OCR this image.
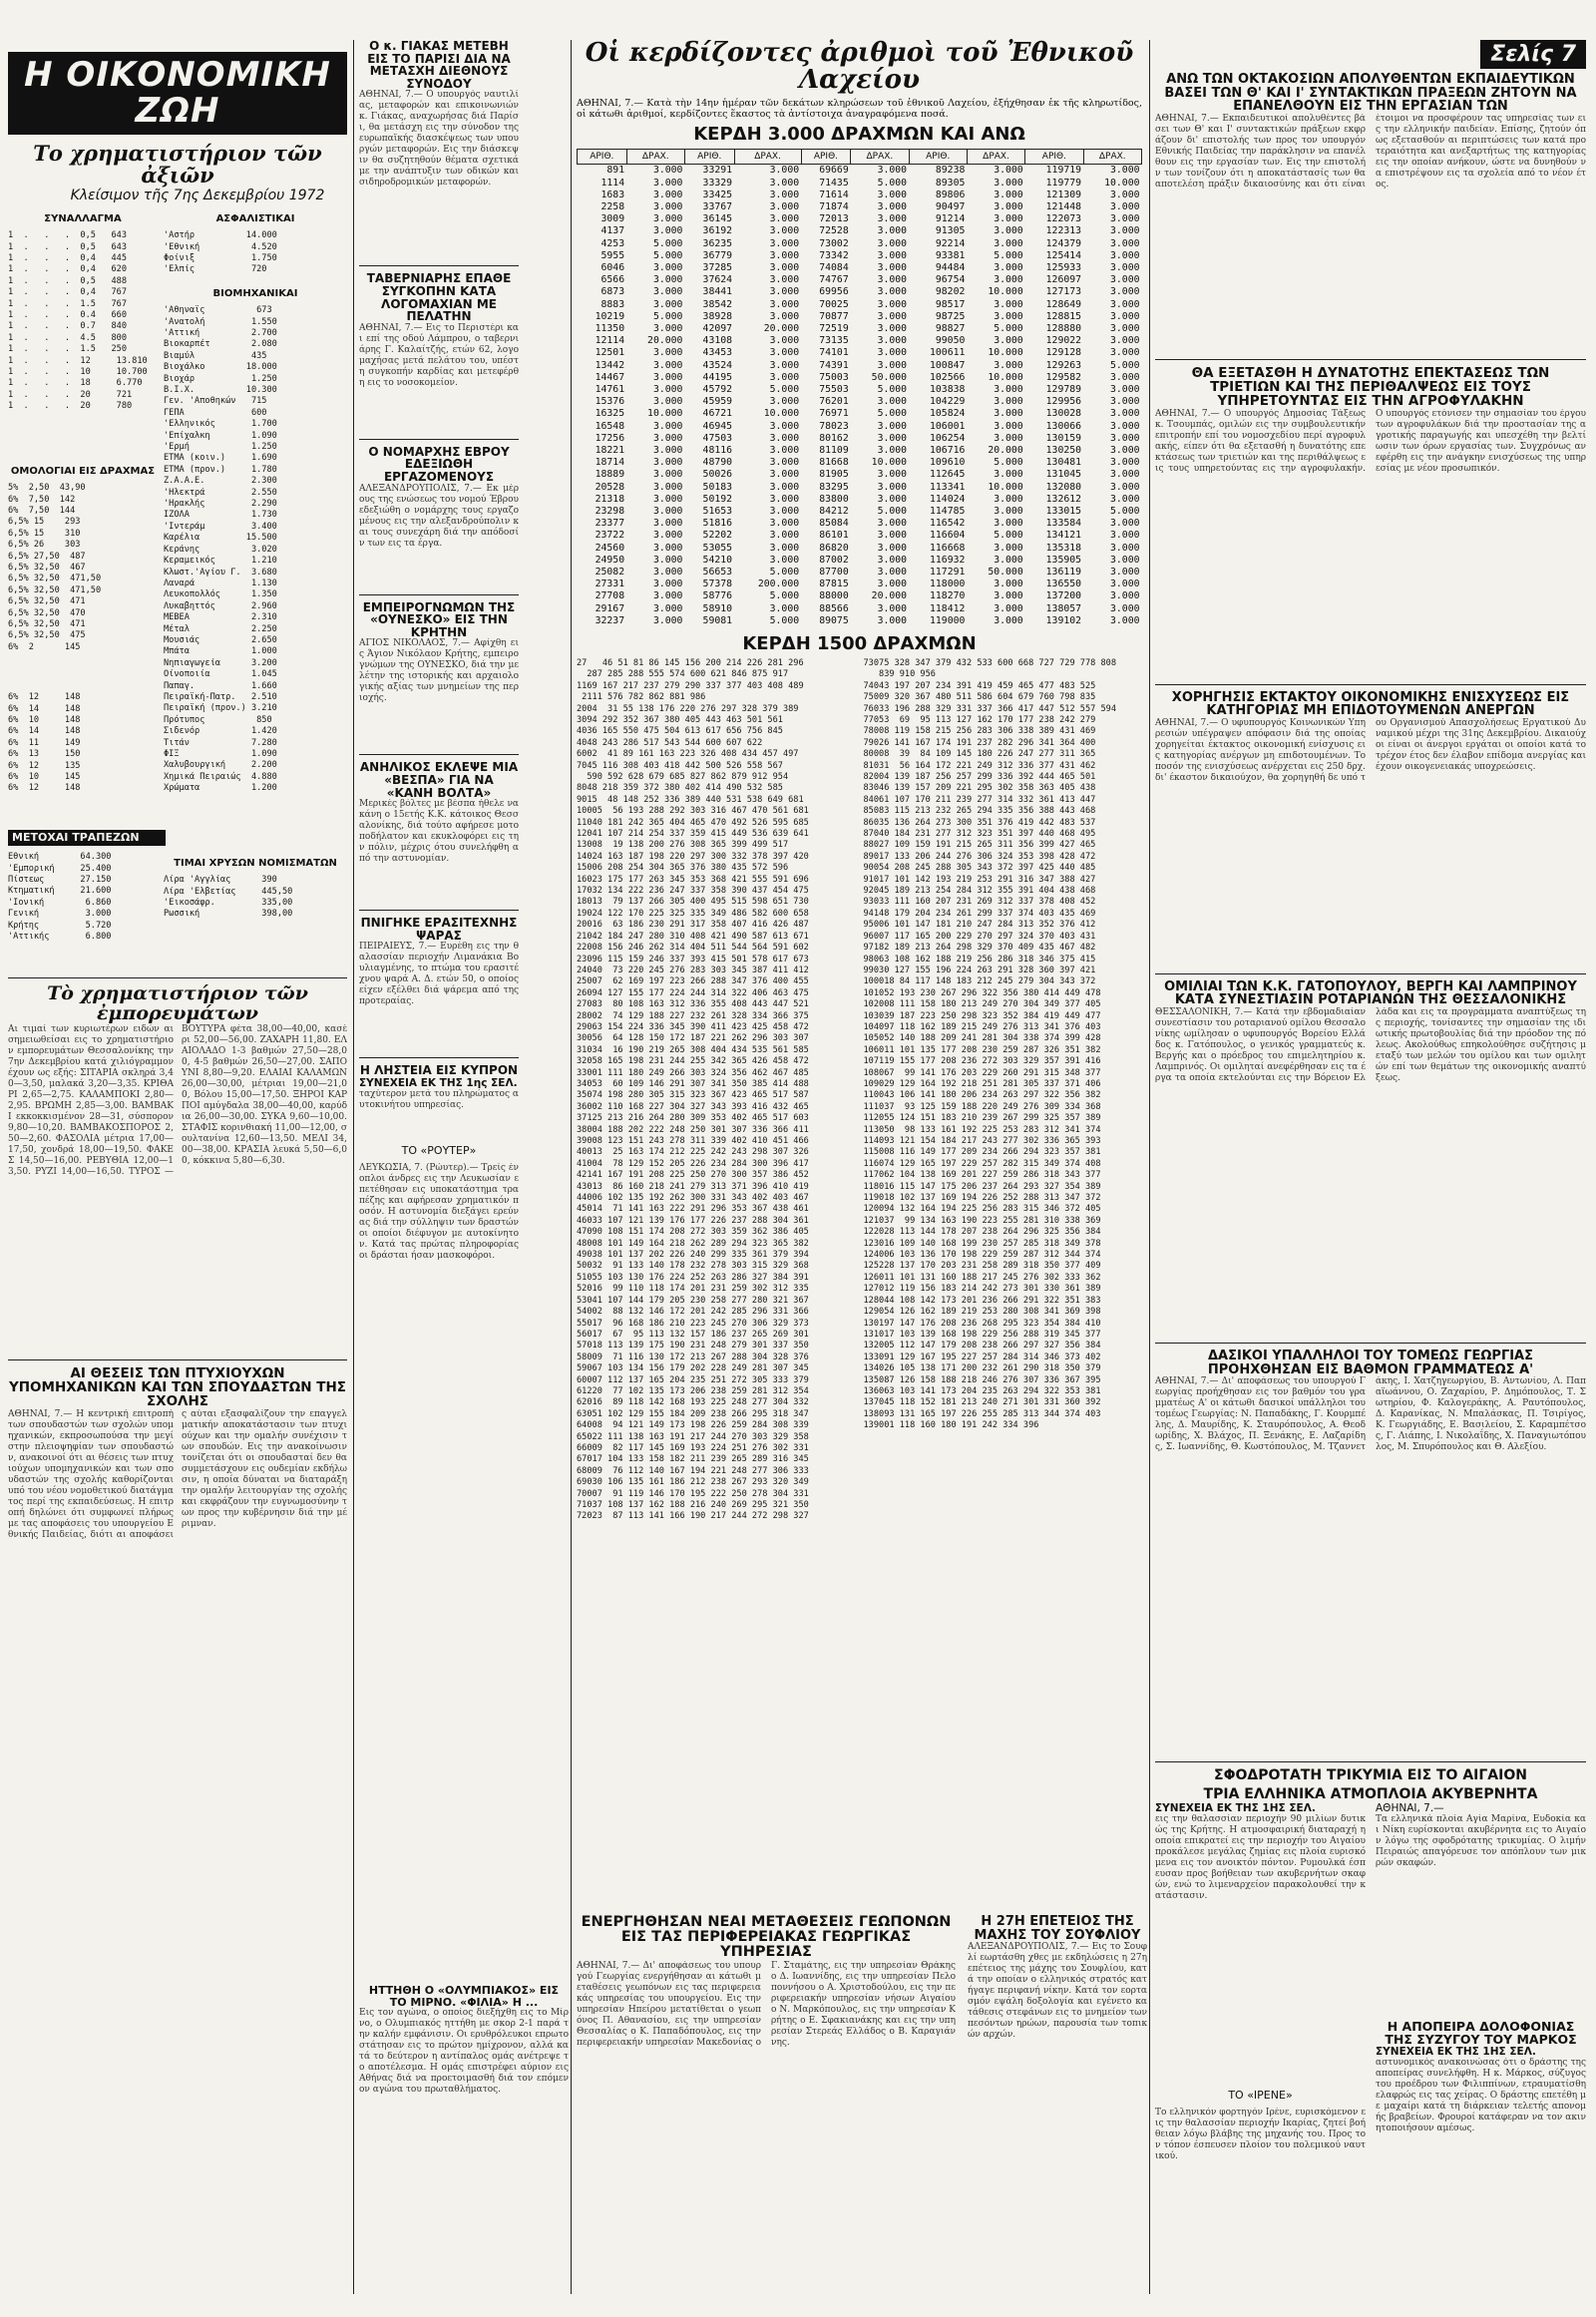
Η ΟΙΚΟΝΟΜΙΚΗ ΖΩΗ
Το χρηματιστήριον τῶν ἀξιῶν
Κλείσιμον τῆς 7ης Δεκεμβρίου 1972
ΣΥΝΑΛΛΑΓΜΑ
1  .   .   .  0,5   643
1  .   .   .  0,5   643
1  .   .   .  0,4   445
1  .   .   .  0,4   620
1  .   .   .  0,5   488
1  .   .   .  0,4   767
1  .   .   .  1.5   767
1  .   .   .  0.4   660
1  .   .   .  0.7   840
1  .   .   .  4.5   800
1  .   .   .  1.5   250
1  .   .   .  12     13.810
1  .   .   .  10     10.700
1  .   .   .  18     6.770
1  .   .   .  20     721
1  .   .   .  20     780
ΟΜΟΛΟΓΙΑΙ ΕΙΣ ΔΡΑΧΜΑΣ
5%  2,50  43,90
6%  7,50  142
6%  7,50  144
6,5% 15    293
6,5% 15    310
6,5% 26    303
6,5% 27,50  487
6,5% 32,50  467
6,5% 32,50  471,50
6,5% 32,50  471,50
6,5% 32,50  471
6,5% 32,50  470
6,5% 32,50  471
6,5% 32,50  475
6%  2      145
6%  12     148
6%  14     148
6%  10     148
6%  14     148
6%  11     149
6%  13     150
6%  12     135
6%  10     145
6%  12     148
ΑΣΦΑΛΙΣΤΙΚΑΙ
'Αστήρ          14.000
'Εθνική          4.520
Φοίνιξ           1.750
'Ελπίς           720
ΒΙΟΜΗΧΑΝΙΚΑΙ
'Αθηναΐς          673
'Ανατολή         1.550
'Αττική          2.700
Βιοκαρπέτ        2.080
Βιαμύλ           435
Βιοχάλκο        18.000
Βιοχάρ           1.250
Β.Ι.Χ.          10.300
Γεν. 'Αποθηκών   715
ΓΕΠΑ             600
'Ελληνικός       1.700
'Επίχαλκη        1.090
'Ερμή            1.250
ΕΤΜΑ (κοιν.)     1.690
ΕΤΜΑ (προν.)     1.780
Ζ.Α.Α.Ε.         2.300
'Ηλεκτρά         2.550
'Ηρακλής         2.290
ΙΖΟΛΑ            1.730
'Ιντεράμ         3.400
Καρέλια         15.500
Κεράνης          3.020
Κεραμεικός       1.210
Κλωστ.'Αγίου Γ.  3.680
Λαναρά           1.130
Λευκοπολλός      1.350
Λυκαβηττός       2.960
ΜΕΒΕΑ            2.310
Μέταλ            2.250
Μουσιάς          2.650
Μπάτα            1.000
Νηπιαγωγεία      3.200
Οίνοποιία        1.045
Παπαγ.           1.660
Πειραϊκή-Πατρ.   2.510
Πειραϊκή (προν.) 3.210
Πρότυπος          850
Σιδενόρ          1.420
Τιτάν            7.280
ΦΙΞ              1.090
Χαλυβουργική     2.200
Χημικά Πειραιώς  4.880
Χρώματα          1.200
ΜΕΤΟΧΑΙ ΤΡΑΠΕΖΩΝ
Εθνική        64.300
'Εμπορική     25.400
Πίστεως       27.150
Κτηματική     21.600
'Ιονική        6.860
Γενική         3.000
Κρήτης         5.720
'Αττικής       6.800
ΤΙΜΑΙ ΧΡΥΣΩΝ ΝΟΜΙΣΜΑΤΩΝ
Λίρα 'Αγγλίας      390
Λίρα 'Ελβετίας     445,50
'Εικοσάφρ.         335,00
Ρωσσική            398,00
Τὸ χρηματιστήριον τῶν ἐμπορευμάτων
Αι τιμαί των κυριωτέρων ειδών αι σημειωθείσαι εις το χρηματιστήριον εμπορευμάτων Θεσσαλονίκης την 7ην Δεκεμβρίου κατά χιλιόγραμμον έχουν ως εξής: ΣΙΤΑΡΙΑ σκληρά 3,40—3,50, μαλακά 3,20—3,35. ΚΡΙΘΑΡΙ 2,65—2,75. ΚΑΛΑΜΠΟΚΙ 2,80—2,95. ΒΡΩΜΗ 2,85—3,00. ΒΑΜΒΑΚΙ εκκοκκισμένον 28—31, σύσπορον 9,80—10,20. ΒΑΜΒΑΚΟΣΠΟΡΟΣ 2,50—2,60. ΦΑΣΟΛΙΑ μέτρια 17,00—17,50, χονδρά 18,00—19,50. ΦΑΚΕΣ 14,50—16,00. ΡΕΒΥΘΙΑ 12,00—13,50. ΡΥΖΙ 14,00—16,50. ΤΥΡΟΣ — ΒΟΥΤΥΡΑ φέτα 38,00—40,00, κασέρι 52,00—56,00. ΖΑΧΑΡΗ 11,80. ΕΛΑΙΟΛΑΔΟ 1-3 βαθμών 27,50—28,00, 4-5 βαθμών 26,50—27,00. ΣΑΠΟΥΝΙ 8,80—9,20. ΕΛΑΙΑΙ ΚΑΛΑΜΩΝ 26,00—30,00, μέτριαι 19,00—21,00, Βόλου 15,00—17,50. ΞΗΡΟΙ ΚΑΡΠΟΙ αμύγδαλα 38,00—40,00, καρύδια 26,00—30,00. ΣΥΚΑ 9,60—10,00. ΣΤΑΦΙΣ κορινθιακή 11,00—12,00, σουλτανίνα 12,60—13,50. ΜΕΛΙ 34,00—38,00. ΚΡΑΣΙΑ λευκά 5,50—6,00, κόκκινα 5,80—6,30.
ΑΙ ΘΕΣΕΙΣ ΤΩΝ ΠΤΥΧΙΟΥΧΩΝ ΥΠΟΜΗΧΑΝΙΚΩΝ ΚΑΙ ΤΩΝ ΣΠΟΥΔΑΣΤΩΝ ΤΗΣ ΣΧΟΛΗΣ
ΑΘΗΝΑΙ, 7.— Η κεντρική επιτροπή των σπουδαστών των σχολών υπομηχανικών, εκπροσωπούσα την μεγίστην πλειοψηφίαν των σπουδαστών, ανακοινοί ότι αι θέσεις των πτυχιούχων υπομηχανικών και των σπουδαστών της σχολής καθορίζονται υπό του νέου νομοθετικού διατάγματος περί της εκπαιδεύσεως. Η επιτροπή δηλώνει ότι συμφωνεί πλήρως με τας αποφάσεις του υπουργείου Εθνικής Παιδείας, διότι αι αποφάσεις αύται εξασφαλίζουν την επαγγελματικήν αποκατάστασιν των πτυχιούχων και την ομαλήν συνέχισιν των σπουδών. Εις την ανακοίνωσιν τονίζεται ότι οι σπουδασταί δεν θα συμμετάσχουν εις ουδεμίαν εκδήλωσιν, η οποία δύναται να διαταράξη την ομαλήν λειτουργίαν της σχολής και εκφράζουν την ευγνωμοσύνην των προς την κυβέρνησιν διά την μέριμναν.
Ο κ. ΓΙΑΚΑΣ ΜΕΤΕΒΗ ΕΙΣ ΤΟ ΠΑΡΙΣΙ ΔΙΑ ΝΑ ΜΕΤΑΣΧΗ ΔΙΕΘΝΟΥΣ ΣΥΝΟΔΟΥ
ΑΘΗΝΑΙ, 7.— Ο υπουργός ναυτιλίας, μεταφορών και επικοινωνιών κ. Γιάκας, αναχωρήσας διά Παρίσι, θα μετάσχη εις την σύνοδον της ευρωπαϊκής διασκέψεως των υπουργών μεταφορών. Εις την διάσκεψιν θα συζητηθούν θέματα σχετικά με την ανάπτυξιν των οδικών και σιδηροδρομικών μεταφορών.
ΤΑΒΕΡΝΙΑΡΗΣ ΕΠΑΘΕ ΣΥΓΚΟΠΗΝ ΚΑΤΑ ΛΟΓΟΜΑΧΙΑΝ ΜΕ ΠΕΛΑΤΗΝ
ΑΘΗΝΑΙ, 7.— Εις το Περιστέρι και επί της οδού Λάμπρου, ο ταβερνιάρης Γ. Καλαίτζής, ετών 62, λογομαχήσας μετά πελάτου του, υπέστη συγκοπήν καρδίας και μετεφέρθη εις το νοσοκομείον.
Ο ΝΟΜΑΡΧΗΣ ΕΒΡΟΥ ΕΔΕΞΙΩΘΗ ΕΡΓΑΖΟΜΕΝΟΥΣ
ΑΛΕΞΑΝΔΡΟΥΠΟΛΙΣ, 7.— Εκ μέρους της ενώσεως του νομού Έβρου εδεξιώθη ο νομάρχης τους εργαζομένους εις την αλεξανδρούπολιν και τους συνεχάρη διά την απόδοσίν των εις τα έργα.
ΕΜΠΕΙΡΟΓΝΩΜΩΝ ΤΗΣ «ΟΥΝΕΣΚΟ» ΕΙΣ ΤΗΝ ΚΡΗΤΗΝ
ΑΓΙΟΣ ΝΙΚΟΛΑΟΣ, 7.— Αφίχθη εις Άγιον Νικόλαον Κρήτης, εμπειρογνώμων της ΟΥΝΕΣΚΟ, διά την μελέτην της ιστορικής και αρχαιολογικής αξίας των μνημείων της περιοχής.
ΑΝΗΛΙΚΟΣ ΕΚΛΕΨΕ ΜΙΑ «ΒΕΣΠΑ» ΓΙΑ ΝΑ «ΚΑΝΗ ΒΟΛΤΑ»
Μερικές βόλτες με βέσπα ήθελε να κάνη ο 15ετής Κ.Κ. κάτοικος Θεσσαλονίκης, διά τούτο αφήρεσε μοτοποδήλατον και εκυκλοφόρει εις την πόλιν, μέχρις ότου συνελήφθη από την αστυνομίαν.
ΠΝΙΓΗΚΕ ΕΡΑΣΙΤΕΧΝΗΣ ΨΑΡΑΣ
ΠΕΙΡΑΙΕΥΣ, 7.— Ευρέθη εις την θαλασσίαν περιοχήν Λιμανάκια Βουλιαγμένης, το πτώμα του ερασιτέχνου ψαρά Α. Δ. ετών 50, ο οποίος είχεν εξέλθει διά ψάρεμα από της προτεραίας.
Η ΛΗΣΤΕΙΑ ΕΙΣ ΚΥΠΡΟΝ
ΣΥΝΕΧΕΙΑ ΕΚ ΤΗΣ 1ης ΣΕΛ.
ταχύτερον μετά του πληρώματος αυτοκινήτου υπηρεσίας.
ΤΟ «ΡΟΥΤΕΡ»
ΛΕΥΚΩΣΙΑ, 7. (Ρώυτερ).— Τρείς ένοπλοι άνδρες εις την Λευκωσίαν επετέθησαν εις υποκατάστημα τραπέζης και αφήρεσαν χρηματικόν ποσόν. Η αστυνομία διεξάγει ερεύνας διά την σύλληψιν των δραστών οι οποίοι διέφυγον με αυτοκίνητον. Κατά τας πρώτας πληροφορίας οι δράσται ήσαν μασκοφόροι.
Οἱ κερδίζοντες ἀριθμοὶ τοῦ Ἐθνικοῦ Λαχείου
ΑΘΗΝΑΙ, 7.— Κατὰ τὴν 14ην ἡμέραν τῶν δεκάτων κληρώσεων τοῦ ἐθνικοῦ Λαχείου, ἐξήχθησαν ἐκ τῆς κληρωτίδος, οἱ κάτωθι ἀριθμοί, κερδίζοντες ἕκαστος τὰ ἀντίστοιχα ἀναγραφόμενα ποσά.
ΚΕΡΔΗ 3.000 ΔΡΑΧΜΩΝ ΚΑΙ ΑΝΩ
ΑΡΙΘ.	ΔΡΑΧ.	ΑΡΙΘ.	ΔΡΑΧ.	ΑΡΙΘ.	ΔΡΑΧ.	ΑΡΙΘ.	ΔΡΑΧ.	ΑΡΙΘ.	ΔΡΑΧ.
891	3.000	33291	3.000	69669	3.000	89238	3.000	119719	3.000
1114	3.000	33329	3.000	71435	5.000	89305	3.000	119779	10.000
1683	3.000	33425	3.000	71614	3.000	89806	3.000	121309	3.000
2258	3.000	33767	3.000	71874	3.000	90497	3.000	121448	3.000
3009	3.000	36145	3.000	72013	3.000	91214	3.000	122073	3.000
4137	3.000	36192	3.000	72528	3.000	91305	3.000	122313	3.000
4253	5.000	36235	3.000	73002	3.000	92214	3.000	124379	3.000
5955	5.000	36779	3.000	73342	3.000	93381	5.000	125414	3.000
6046	3.000	37285	3.000	74084	3.000	94484	3.000	125933	3.000
6566	3.000	37624	3.000	74767	3.000	96754	3.000	126097	3.000
6873	3.000	38441	3.000	69956	3.000	98202	10.000	127173	3.000
8883	3.000	38542	3.000	70025	3.000	98517	3.000	128649	3.000
10219	5.000	38928	3.000	70877	3.000	98725	3.000	128815	3.000
11350	3.000	42097	20.000	72519	3.000	98827	5.000	128880	3.000
12114	20.000	43108	3.000	73135	3.000	99050	3.000	129022	3.000
12501	3.000	43453	3.000	74101	3.000	100611	10.000	129128	3.000
13442	3.000	43524	3.000	74391	3.000	100847	3.000	129263	5.000
14467	3.000	44195	3.000	75003	50.000	102566	10.000	129582	3.000
14761	3.000	45792	5.000	75503	5.000	103838	3.000	129789	3.000
15376	3.000	45959	3.000	76201	3.000	104229	3.000	129956	3.000
16325	10.000	46721	10.000	76971	5.000	105824	3.000	130028	3.000
16548	3.000	46945	3.000	78023	3.000	106001	3.000	130066	3.000
17256	3.000	47503	3.000	80162	3.000	106254	3.000	130159	3.000
18221	3.000	48116	3.000	81109	3.000	106716	20.000	130250	3.000
18714	3.000	48790	3.000	81668	10.000	109610	5.000	130481	3.000
18889	3.000	50026	3.000	81905	3.000	112645	3.000	131045	3.000
20528	3.000	50183	3.000	83295	3.000	113341	10.000	132080	3.000
21318	3.000	50192	3.000	83800	3.000	114024	3.000	132612	3.000
23298	3.000	51653	3.000	84212	5.000	114785	3.000	133015	5.000
23377	3.000	51816	3.000	85084	3.000	116542	3.000	133584	3.000
23722	3.000	52202	3.000	86101	3.000	116604	5.000	134121	3.000
24560	3.000	53055	3.000	86820	3.000	116668	3.000	135318	3.000
24950	3.000	54210	3.000	87002	3.000	116932	3.000	135905	3.000
25082	3.000	56653	5.000	87700	3.000	117291	50.000	136119	3.000
27331	3.000	57378	200.000	87815	3.000	118000	3.000	136550	3.000
27708	3.000	58776	5.000	88000	20.000	118270	3.000	137200	3.000
29167	3.000	58910	3.000	88566	3.000	118412	3.000	138057	3.000
32237	3.000	59081	5.000	89075	3.000	119000	3.000	139102	3.000
ΚΕΡΔΗ 1500 ΔΡΑΧΜΩΝ
27   46 51 81 86 145 156 200 214 226 281 296
287 285 288 555 574 600 621 846 875 917
1169 167 217 237 279 290 337 377 403 408 489
2111 576 782 862 881 986
2004  31 55 138 176 220 276 297 328 379 389
3094 292 352 367 380 405 443 463 501 561
4036 165 550 475 504 613 617 656 756 845
4048 243 286 517 543 544 600 607 622
6002  41 89 161 163 223 326 408 434 457 497
7045 116 308 403 418 442 500 526 558 567
590 592 628 679 685 827 862 879 912 954
8048 218 359 372 380 402 414 490 532 585
9015  48 148 252 336 389 440 531 538 649 681
10005  56 193 288 292 303 316 467 470 561 681
11040 181 242 365 404 465 470 492 526 595 685
12041 107 214 254 337 359 415 449 536 639 641
13008  19 138 200 276 308 365 399 499 517
14024 163 187 198 220 297 300 332 378 397 420
15006 208 254 304 365 376 380 435 572 596
16023 175 177 263 345 353 368 421 555 591 696
17032 134 222 236 247 337 358 390 437 454 475
18013  79 137 266 305 400 495 515 598 651 730
19024 122 170 225 325 335 349 486 582 600 658
20016  63 186 230 291 317 358 407 416 426 487
21042 184 247 280 310 408 421 490 587 613 671
22008 156 246 262 314 404 511 544 564 591 602
23096 115 159 246 337 393 415 501 578 617 673
24040  73 220 245 276 283 303 345 387 411 412
25007  62 169 197 223 266 288 347 376 400 455
26094 127 155 177 224 244 314 322 406 463 475
27083  80 108 163 312 336 355 408 443 447 521
28002  74 129 188 227 232 261 328 334 366 375
29063 154 224 336 345 390 411 423 425 458 472
30056  64 128 150 172 187 221 262 296 303 307
31034  16 190 219 265 308 404 434 535 561 585
32058 165 198 231 244 255 342 365 426 458 472
33001 111 180 249 266 303 324 356 462 467 485
34053  60 109 146 291 307 341 350 385 414 488
35074 198 280 305 315 323 367 423 465 517 587
36002 110 168 227 304 327 343 393 416 432 465
37125 213 216 264 280 309 353 402 465 517 603
38004 188 202 222 248 250 301 307 336 366 411
39008 123 151 243 278 311 339 402 410 451 466
40013  25 163 174 212 225 242 243 298 307 326
41004  78 129 152 205 226 234 284 300 396 417
42141 167 191 208 225 250 270 300 357 386 452
43013  86 160 218 241 279 313 371 396 410 419
44006 102 135 192 262 300 331 343 402 403 467
45014  71 141 163 222 291 296 353 367 438 461
46033 107 121 139 176 177 226 237 288 304 361
47090 108 151 174 208 272 303 359 362 386 405
48008 101 149 164 218 262 289 294 323 365 382
49038 101 137 202 226 240 299 335 361 379 394
50032  91 133 140 178 232 278 303 315 329 368
51055 103 130 176 224 252 263 286 327 384 391
52016  99 110 118 174 201 231 259 302 312 335
53041 107 144 179 205 230 258 277 280 321 367
54002  88 132 146 172 201 242 285 296 331 366
55017  96 168 186 210 223 245 270 306 329 373
56017  67  95 113 132 157 186 237 265 269 301
57018 113 139 175 190 231 248 279 301 337 350
58009  71 116 130 172 213 267 288 304 328 376
59067 103 134 156 179 202 228 249 281 307 345
60007 112 137 165 204 235 251 272 305 333 379
61220  77 102 135 173 206 238 259 281 312 354
62016  89 118 142 168 193 225 248 277 304 332
63051 102 129 155 184 209 238 266 295 318 347
64008  94 121 149 173 198 226 259 284 308 339
65022 111 138 163 191 217 244 270 303 329 358
66009  82 117 145 169 193 224 251 276 302 331
67017 104 133 158 182 211 239 265 289 316 345
68009  76 112 140 167 194 221 248 277 306 333
69030 106 135 161 186 212 238 267 293 320 349
70007  91 119 146 170 195 222 250 278 304 331
71037 108 137 162 188 216 240 269 295 321 350
72023  87 113 141 166 190 217 244 272 298 327
73075 328 347 379 432 533 600 668 727 729 778 808
839 910 956
74043 197 207 234 391 419 459 465 477 483 525
75009 320 367 480 511 586 604 679 760 798 835
76033 196 288 329 331 337 366 417 447 512 557 594
77053  69  95 113 127 162 170 177 238 242 279
78008 119 158 215 256 283 306 338 389 431 469
79026 141 167 174 191 237 282 296 341 364 400
80008  39  84 109 145 180 226 247 277 311 365
81031  56 164 172 221 249 312 336 377 431 462
82004 139 187 256 257 299 336 392 444 465 501
83046 139 157 209 221 295 302 358 363 405 438
84061 107 170 211 239 277 314 332 361 413 447
85083 115 213 232 265 294 335 356 388 443 468
86035 136 264 273 300 351 376 419 442 483 537
87040 184 231 277 312 323 351 397 440 468 495
88027 109 159 191 215 265 311 356 399 427 465
89017 133 206 244 276 306 324 353 398 428 472
90054 208 245 288 305 343 372 397 425 440 485
91017 101 142 193 219 253 291 316 347 388 427
92045 189 213 254 284 312 355 391 404 438 468
93033 111 160 207 231 269 312 337 378 408 452
94148 179 204 234 261 299 337 374 403 435 469
95006 101 147 181 210 247 284 313 352 376 412
96007 117 165 200 229 270 297 324 370 403 431
97182 189 213 264 298 329 370 409 435 467 482
98063 108 162 188 219 256 286 318 346 375 415
99030 127 155 196 224 263 291 328 360 397 421
100018 84 117 148 183 212 245 279 304 343 372
101052 193 230 267 296 322 356 380 414 449 478
102008 111 158 180 213 249 270 304 349 377 405
103039 187 223 250 298 323 352 384 419 449 477
104097 118 162 189 215 249 276 313 341 376 403
105052 140 188 209 241 281 304 338 374 399 428
106011 101 135 177 208 230 259 287 326 351 382
107119 155 177 208 236 272 303 329 357 391 416
108067  99 141 176 203 229 260 291 315 348 377
109029 129 164 192 218 251 281 305 337 371 406
110043 106 141 180 206 234 263 297 322 356 382
111037  93 125 159 188 220 249 276 309 334 368
112055 124 151 183 210 239 267 299 325 357 389
113050  98 133 161 192 225 253 283 312 341 374
114093 121 154 184 217 243 277 302 336 365 393
115008 116 149 177 209 234 266 294 323 357 381
116074 129 165 197 229 257 282 315 349 374 408
117062 104 138 169 201 227 259 286 318 343 377
118016 115 147 175 206 237 264 293 327 354 389
119018 102 137 169 194 226 252 288 313 347 372
120094 132 164 194 225 256 283 315 346 372 405
121037  99 134 163 190 223 255 281 310 338 369
122028 113 144 178 207 238 264 296 325 356 384
123016 109 140 168 199 230 257 285 318 349 378
124006 103 136 170 198 229 259 287 312 344 374
125228 137 170 203 231 258 289 318 350 377 409
126011 101 131 160 188 217 245 276 302 333 362
127012 119 156 183 214 242 273 301 330 361 389
128044 108 142 173 201 236 266 291 322 351 383
129054 126 162 189 219 253 280 308 341 369 398
130197 147 176 208 236 268 295 323 354 384 410
131017 103 139 168 198 229 256 288 319 345 377
132005 112 147 179 208 238 266 297 327 356 384
133091 129 167 195 227 257 284 314 346 373 402
134026 105 138 171 200 232 261 290 318 350 379
135087 126 158 188 218 246 276 307 336 367 395
136063 103 141 173 204 235 263 294 322 353 381
137045 118 152 181 213 240 271 301 331 360 392
138093 131 165 197 226 255 285 313 344 374 403
139001 118 160 180 191 242 334 396
ΗΤΤΗΘΗ Ο «ΟΛΥΜΠΙΑΚΟΣ» ΕΙΣ ΤΟ ΜΙΡΝΟ. «ΦΙΛΙΑ» Η ...
Εις τον αγώνα, ο οποίος διεξήχθη εις το Μίρνο, ο Ολυμπιακός ηττήθη με σκορ 2-1 παρά την καλήν εμφάνισιν. Οι ερυθρόλευκοι επρωτοστάτησαν εις το πρώτον ημίχρονον, αλλά κατά το δεύτερον η αντίπαλος ομάς ανέτρεψε το αποτέλεσμα. Η ομάς επιστρέφει αύριον εις Αθήνας διά να προετοιμασθή διά τον επόμενον αγώνα του πρωταθλήματος.
ΕΝΕΡΓΗΘΗΣΑΝ ΝΕΑΙ ΜΕΤΑΘΕΣΕΙΣ ΓΕΩΠΟΝΩΝ ΕΙΣ ΤΑΣ ΠΕΡΙΦΕΡΕΙΑΚΑΣ ΓΕΩΡΓΙΚΑΣ ΥΠΗΡΕΣΙΑΣ
ΑΘΗΝΑΙ, 7.— Δι' αποφάσεως του υπουργού Γεωργίας ενεργήθησαν αι κάτωθι μεταθέσεις γεωπόνων εις τας περιφερειακάς υπηρεσίας του υπουργείου. Εις την υπηρεσίαν Ηπείρου μετατίθεται ο γεωπόνος Π. Αθανασίου, εις την υπηρεσίαν Θεσσαλίας ο Κ. Παπαδόπουλος, εις την περιφερειακήν υπηρεσίαν Μακεδονίας ο Γ. Σταμάτης, εις την υπηρεσίαν Θράκης ο Δ. Ιωαννίδης, εις την υπηρεσίαν Πελοποννήσου ο Α. Χριστοδούλου, εις την περιφερειακήν υπηρεσίαν νήσων Αιγαίου ο Ν. Μαρκόπουλος, εις την υπηρεσίαν Κρήτης ο Ε. Σφακιανάκης και εις την υπηρεσίαν Στερεάς Ελλάδος ο Β. Καραγιάννης.
Η 27Η ΕΠΕΤΕΙΟΣ ΤΗΣ ΜΑΧΗΣ ΤΟΥ ΣΟΥΦΛΙΟΥ
ΑΛΕΞΑΝΔΡΟΥΠΟΛΙΣ, 7.— Εις το Σουφλί εωρτάσθη χθες με εκδηλώσεις η 27η επέτειος της μάχης του Σουφλίου, κατά την οποίαν ο ελληνικός στρατός κατήγαγε περιφανή νίκην. Κατά τον εορτασμόν εψάλη δοξολογία και εγένετο κατάθεσις στεφάνων εις το μνημείον των πεσόντων ηρώων, παρουσία των τοπικών αρχών.
Σελίς 7
ΑΝΩ ΤΩΝ ΟΚΤΑΚΟΣΙΩΝ ΑΠΟΛΥΘΕΝΤΩΝ ΕΚΠΑΙΔΕΥΤΙΚΩΝ ΒΑΣΕΙ ΤΩΝ Θ' ΚΑΙ Ι' ΣΥΝΤΑΚΤΙΚΩΝ ΠΡΑΞΕΩΝ ΖΗΤΟΥΝ ΝΑ ΕΠΑΝΕΛΘΟΥΝ ΕΙΣ ΤΗΝ ΕΡΓΑΣΙΑΝ ΤΩΝ
ΑΘΗΝΑΙ, 7.— Εκπαιδευτικοί απολυθέντες βάσει των Θ' και Ι' συντακτικών πράξεων εκφράζουν δι' επιστολής των προς τον υπουργόν Εθνικής Παιδείας την παράκλησιν να επανέλθουν εις την εργασίαν των. Εις την επιστολήν των τονίζουν ότι η αποκατάστασίς των θα αποτελέση πράξιν δικαιοσύνης και ότι είναι έτοιμοι να προσφέρουν τας υπηρεσίας των εις την ελληνικήν παιδείαν. Επίσης, ζητούν όπως εξετασθούν αι περιπτώσεις των κατά προτεραιότητα και ανεξαρτήτως της κατηγορίας εις την οποίαν ανήκουν, ώστε να δυνηθούν να επιστρέψουν εις τα σχολεία από το νέον έτος.
ΘΑ ΕΞΕΤΑΣΘΗ Η ΔΥΝΑΤΟΤΗΣ ΕΠΕΚΤΑΣΕΩΣ ΤΩΝ ΤΡΙΕΤΙΩΝ ΚΑΙ ΤΗΣ ΠΕΡΙΘΑΛΨΕΩΣ ΕΙΣ ΤΟΥΣ ΥΠΗΡΕΤΟΥΝΤΑΣ ΕΙΣ ΤΗΝ ΑΓΡΟΦΥΛΑΚΗΝ
ΑΘΗΝΑΙ, 7.— Ο υπουργός Δημοσίας Τάξεως κ. Τσουμπάς, ομιλών εις την συμβουλευτικήν επιτροπήν επί του νομοσχεδίου περί αγροφυλακής, είπεν ότι θα εξετασθή η δυνατότης επεκτάσεως των τριετιών και της περιθάλψεως εις τους υπηρετούντας εις την αγροφυλακήν. Ο υπουργός ετόνισεν την σημασίαν του έργου των αγροφυλάκων διά την προστασίαν της αγροτικής παραγωγής και υπεσχέθη την βελτίωσιν των όρων εργασίας των. Συγχρόνως ανεφέρθη εις την ανάγκην ενισχύσεως της υπηρεσίας με νέον προσωπικόν.
ΧΟΡΗΓΗΣΙΣ ΕΚΤΑΚΤΟΥ ΟΙΚΟΝΟΜΙΚΗΣ ΕΝΙΣΧΥΣΕΩΣ ΕΙΣ ΚΑΤΗΓΟΡΙΑΣ ΜΗ ΕΠΙΔΟΤΟΥΜΕΝΩΝ ΑΝΕΡΓΩΝ
ΑΘΗΝΑΙ, 7.— Ο υφυπουργός Κοινωνικών Υπηρεσιών υπέγραψεν απόφασιν διά της οποίας χορηγείται έκτακτος οικονομική ενίσχυσις εις κατηγορίας ανέργων μη επιδοτουμένων. Το ποσόν της ενισχύσεως ανέρχεται εις 250 δρχ. δι' έκαστον δικαιούχον, θα χορηγηθή δε υπό του Οργανισμού Απασχολήσεως Εργατικού Δυναμικού μέχρι της 31ης Δεκεμβρίου. Δικαιούχοι είναι οι άνεργοι εργάται οι οποίοι κατά το τρέχον έτος δεν έλαβον επίδομα ανεργίας και έχουν οικογενειακάς υποχρεώσεις.
ΟΜΙΛΙΑΙ ΤΩΝ Κ.Κ. ΓΑΤΟΠΟΥΛΟΥ, ΒΕΡΓΗ ΚΑΙ ΛΑΜΠΡΙΝΟΥ ΚΑΤΑ ΣΥΝΕΣΤΙΑΣΙΝ ΡΟΤΑΡΙΑΝΩΝ ΤΗΣ ΘΕΣΣΑΛΟΝΙΚΗΣ
ΘΕΣΣΑΛΟΝΙΚΗ, 7.— Κατά την εβδομαδιαίαν συνεστίασιν του ροταριανού ομίλου Θεσσαλονίκης ωμίλησαν ο υφυπουργός Βορείου Ελλάδος κ. Γατόπουλος, ο γενικός γραμματεύς κ. Βεργής και ο πρόεδρος του επιμελητηρίου κ. Λαμπρινός. Οι ομιληταί ανεφέρθησαν εις τα έργα τα οποία εκτελούνται εις την Βόρειον Ελλάδα και εις τα προγράμματα αναπτύξεως της περιοχής, τονίσαντες την σημασίαν της ιδιωτικής πρωτοβουλίας διά την πρόοδον της πόλεως. Ακολούθως επηκολούθησε συζήτησις μεταξύ των μελών του ομίλου και των ομιλητών επί των θεμάτων της οικονομικής αναπτύξεως.
ΔΑΣΙΚΟΙ ΥΠΑΛΛΗΛΟΙ ΤΟΥ ΤΟΜΕΩΣ ΓΕΩΡΓΙΑΣ ΠΡΟΗΧΘΗΣΑΝ ΕΙΣ ΒΑΘΜΟΝ ΓΡΑΜΜΑΤΕΩΣ Α'
ΑΘΗΝΑΙ, 7.— Δι' αποφάσεως του υπουργού Γεωργίας προήχθησαν εις τον βαθμόν του γραμματέως Α' οι κάτωθι δασικοί υπάλληλοι του τομέως Γεωργίας: Ν. Παπαδάκης, Γ. Κουρμπέλης, Δ. Μαυρίδης, Κ. Σταυρόπουλος, Α. Θεοδωρίδης, Χ. Βλάχος, Π. Ξενάκης, Ε. Λαζαρίδης, Σ. Ιωαννίδης, Θ. Κωστόπουλος, Μ. Τζαννετάκης, Ι. Χατζηγεωργίου, Β. Αντωνίου, Λ. Παπαϊωάννου, Ο. Ζαχαρίου, Ρ. Δημόπουλος, Τ. Σωτηρίου, Φ. Καλογεράκης, Α. Ραυτόπουλος, Δ. Καρανίκας, Ν. Μπαλάσκας, Π. Τσιρίγος, Κ. Γεωργιάδης, Ε. Βασιλείου, Σ. Καραμπέτσος, Γ. Λιάπης, Ι. Νικολαΐδης, Χ. Παναγιωτόπουλος, Μ. Σπυρόπουλος και Θ. Αλεξίου.
ΣΦΟΔΡΟΤΑΤΗ ΤΡΙΚΥΜΙΑ ΕΙΣ ΤΟ ΑΙΓΑΙΟΝ
ΤΡΙΑ ΕΛΛΗΝΙΚΑ ΑΤΜΟΠΛΟΙΑ ΑΚΥΒΕΡΝΗΤΑ
ΣΥΝΕΧΕΙΑ ΕΚ ΤΗΣ 1ΗΣ ΣΕΛ.
εις την θαλασσίαν περιοχήν 90 μιλίων δυτικώς της Κρήτης. Η ατμοσφαιρική διαταραχή η οποία επικρατεί εις την περιοχήν του Αιγαίου προκάλεσε μεγάλας ζημίας εις πλοία ευρισκόμενα εις τον ανοικτόν πόντον. Ρυμουλκά έσπευσαν προς βοήθειαν των ακυβερνήτων σκαφών, ενώ το λιμεναρχείον παρακολουθεί την κατάστασιν.
ΤΟ «ΙΡΕΝΕ»
Το ελληνικόν φορτηγόν Ιρένε, ευρισκόμενον εις την θαλασσίαν περιοχήν Ικαρίας, ζητεί βοήθειαν λόγω βλάβης της μηχανής του. Προς τον τόπον έσπευσεν πλοίον του πολεμικού ναυτικού.
ΑΘΗΝΑΙ, 7.—
Τα ελληνικά πλοία Αγία Μαρίνα, Ευδοκία και Νίκη ευρίσκονται ακυβέρνητα εις το Αιγαίον λόγω της σφοδρότατης τρικυμίας. Ο λιμήν Πειραιώς απαγόρευσε τον απόπλουν των μικρών σκαφών.
Η ΑΠΟΠΕΙΡΑ ΔΟΛΟΦΟΝΙΑΣ ΤΗΣ ΣΥΖΥΓΟΥ ΤΟΥ ΜΑΡΚΟΣ
ΣΥΝΕΧΕΙΑ ΕΚ ΤΗΣ 1ΗΣ ΣΕΛ.
αστυνομικός ανακοινώσας ότι ο δράστης της αποπείρας συνελήφθη. Η κ. Μάρκος, σύζυγος του προέδρου των Φιλιππίνων, ετραυματίσθη ελαφρώς εις τας χείρας. Ο δράστης επετέθη με μαχαίρι κατά τη διάρκειαν τελετής απονομής βραβείων. Φρουροί κατάφεραν να τον ακινητοποιήσουν αμέσως.
